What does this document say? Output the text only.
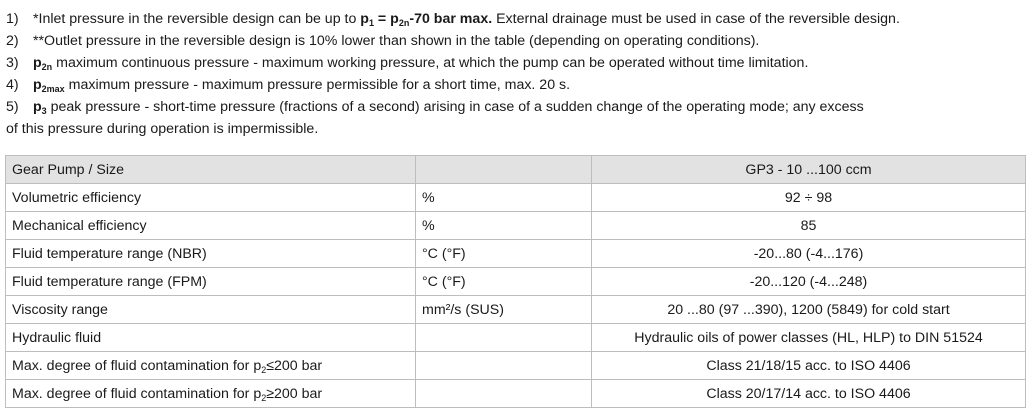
1)	*Inlet pressure in the reversible design can be up to $p_1 = p_{2n}-70$ bar max. External drainage must be used in case of the reversible design.
2)	**Outlet pressure in the reversible design is 10% lower than shown in the table (depending on operating conditions).
3)	$p_{2n}$ maximum continuous pressure - maximum working pressure, at which the pump can be operated without time limitation.
4)	$p_{2max}$ maximum pressure - maximum pressure permissible for a short time, max. 20 s.
5)	$p_3$ peak pressure - short-time pressure (fractions of a second) arising in case of a sudden change of the operating mode; any excess
of this pressure during operation is impermissible.
Gear Pump / Size		GP3 - 10 ...100 ccm
Volumetric efficiency	%	92 ÷ 98
Mechanical efficiency	%	85
Fluid temperature range (NBR)	°C (°F)	-20...80 (-4...176)
Fluid temperature range (FPM)	°C (°F)	-20...120 (-4...248)
Viscosity range	mm²/s (SUS)	20 ...80 (97 ...390), 1200 (5849) for cold start
Hydraulic fluid		Hydraulic oils of power classes (HL, HLP) to DIN 51524
Max. degree of fluid contamination for $p_2\le 200$ bar		Class 21/18/15 acc. to ISO 4406
Max. degree of fluid contamination for $p_2\ge 200$ bar		Class 20/17/14 acc. to ISO 4406
